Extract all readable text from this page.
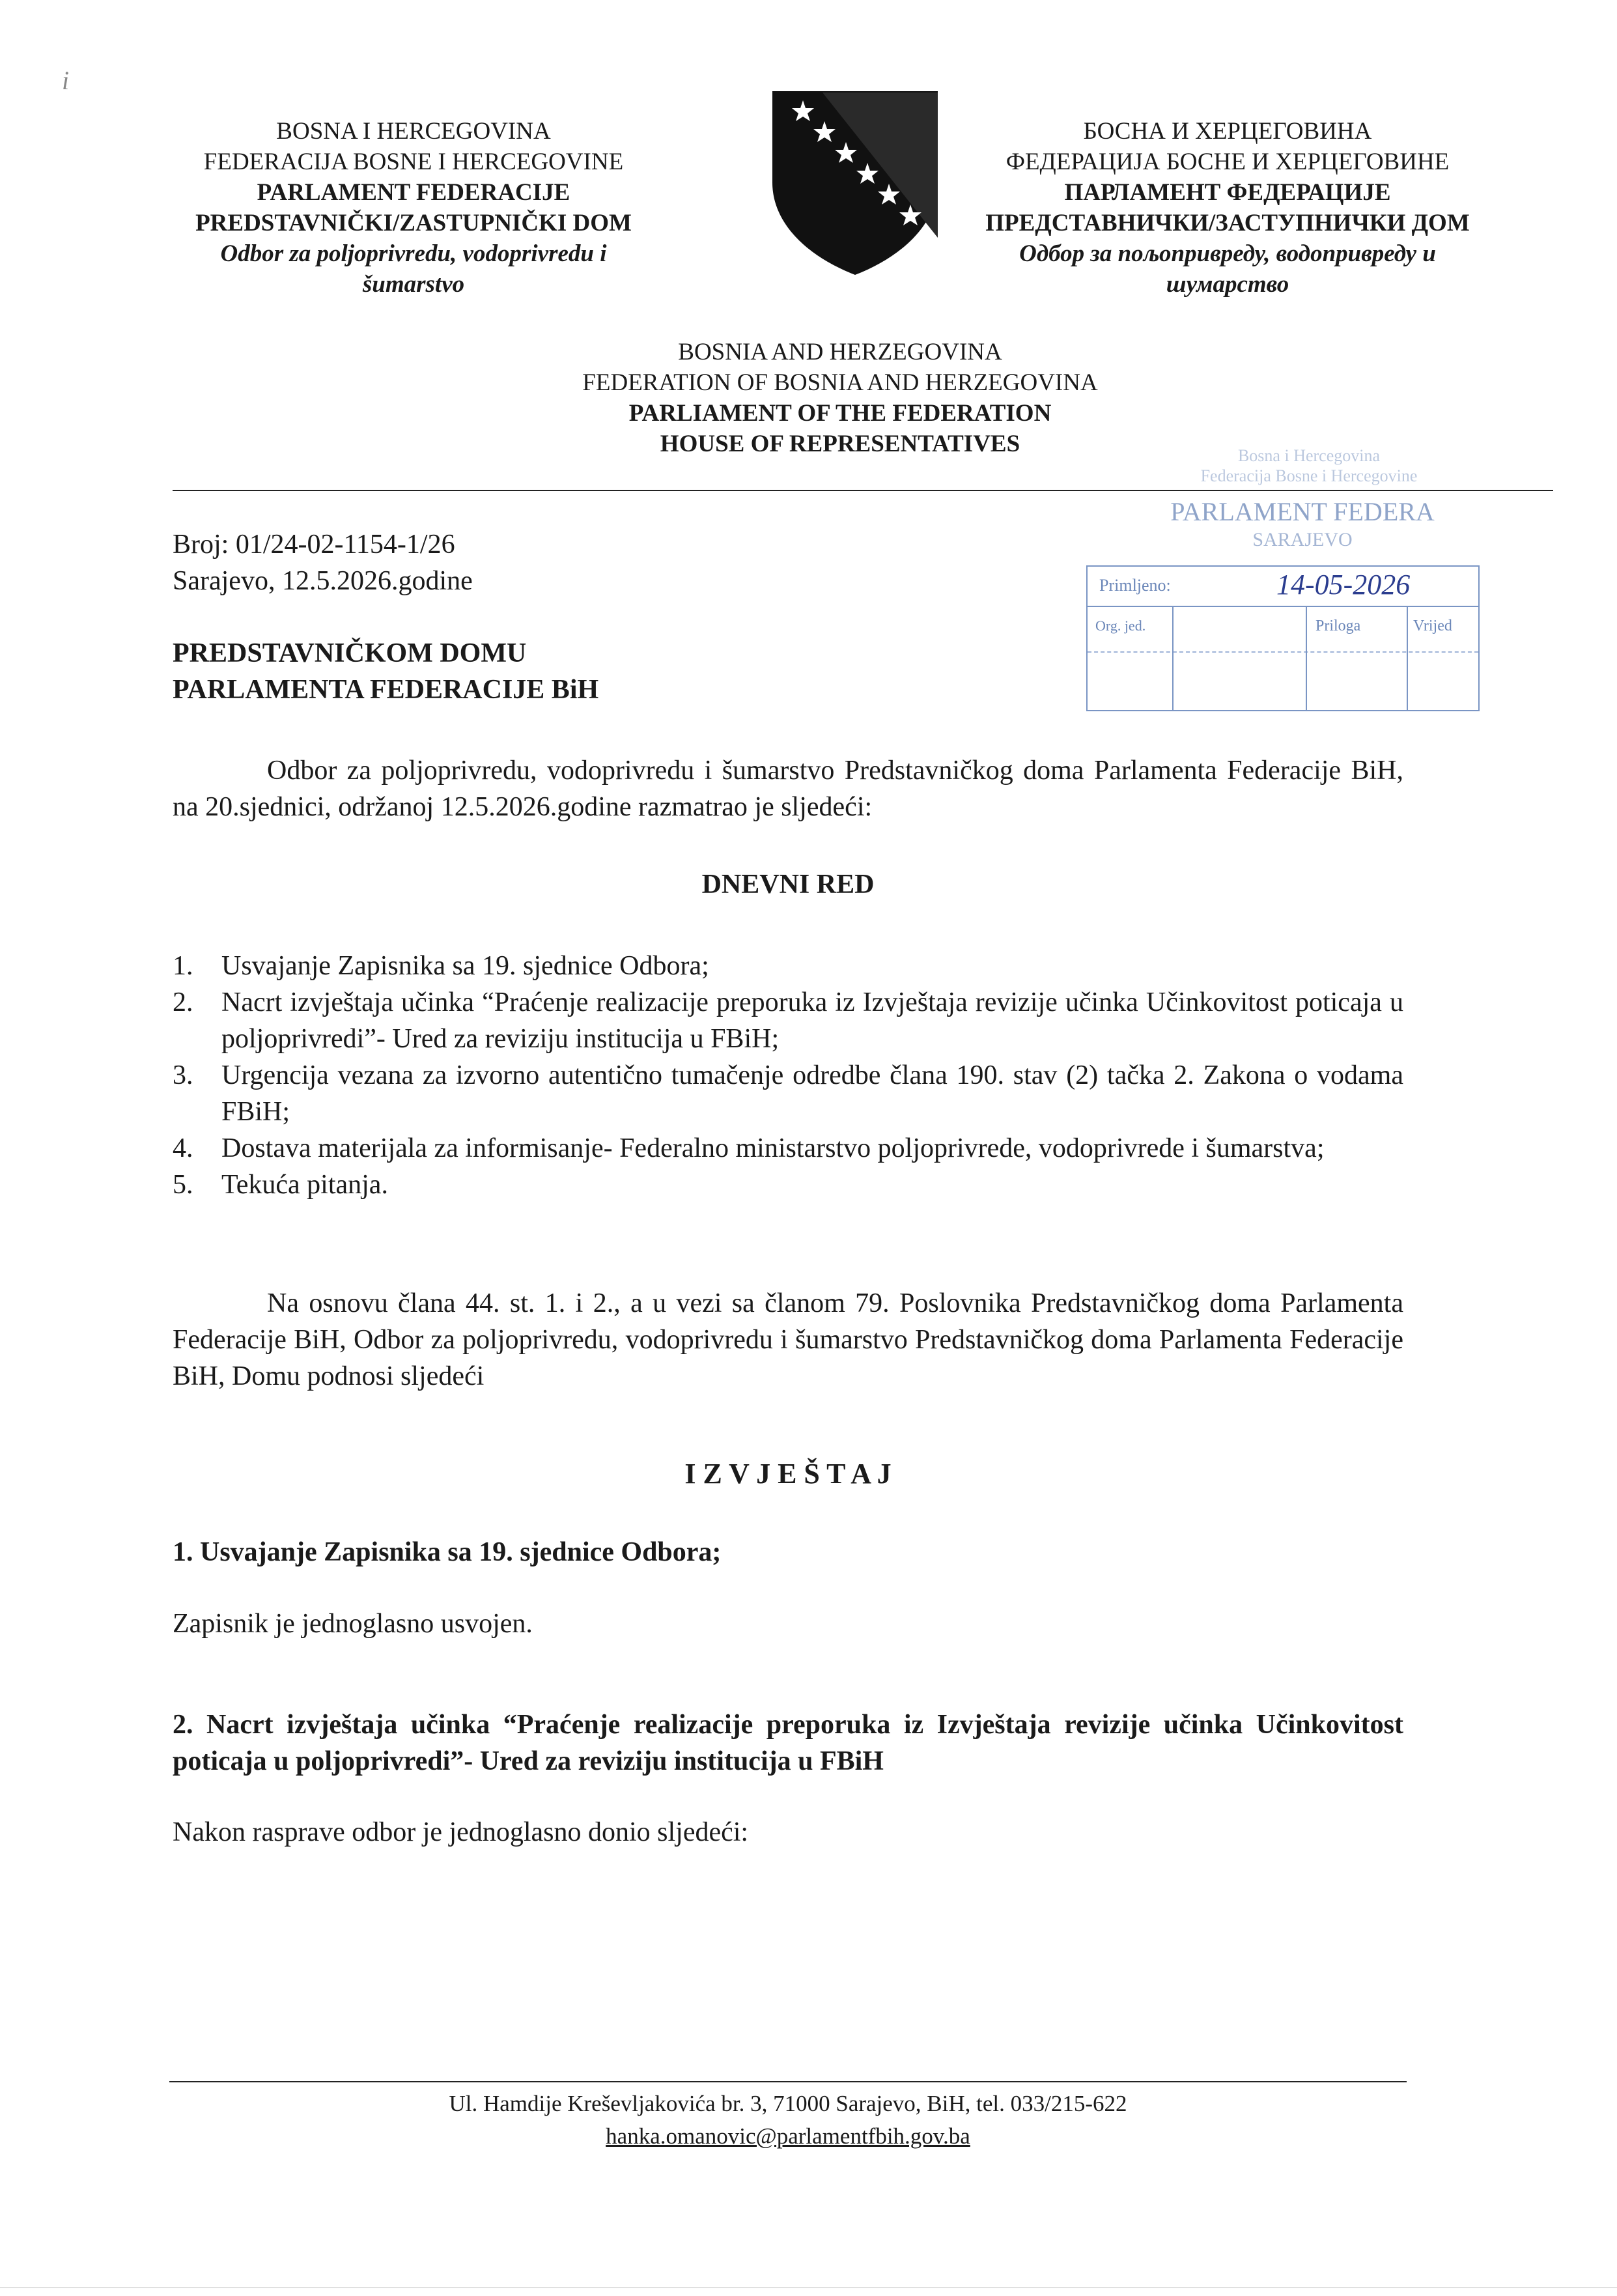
i
BOSNA I HERCEGOVINA
FEDERACIJA BOSNE I HERCEGOVINE
PARLAMENT FEDERACIJE
PREDSTAVNIČKI/ZASTUPNIČKI DOM
Odbor za poljoprivredu, vodoprivredu i
šumarstvo
БОСНА И ХЕРЦЕГОВИНА
ФЕДЕРАЦИЈА БОСНЕ И ХЕРЦЕГОВИНЕ
ПАРЛАМЕНТ ФЕДЕРАЦИЈЕ
ПРЕДСТАВНИЧКИ/ЗАСТУПНИЧКИ ДОМ
Одбор за пољопривреду, водопривреду и
шумарство
BOSNIA AND HERZEGOVINA
FEDERATION OF BOSNIA AND HERZEGOVINA
PARLIAMENT OF THE FEDERATION
HOUSE OF REPRESENTATIVES
Broj: 01/24-02-1154-1/26
Sarajevo, 12.5.2026.godine
PREDSTAVNIČKOM DOMU
PARLAMENTA FEDERACIJE BiH
Bosna i Hercegovina
Federacija Bosne i Hercegovine
PARLAMENT FEDERA
SARAJEVO
Primljeno:	14-05-2026
Org. jed.	Priloga	Vrijed
Odbor za poljoprivredu, vodoprivredu i šumarstvo Predstavničkog doma Parlamenta Federacije BiH, na 20.sjednici, održanoj 12.5.2026.godine razmatrao je sljedeći:
DNEVNI RED
1. Usvajanje Zapisnika sa 19. sjednice Odbora;
2. Nacrt izvještaja učinka “Praćenje realizacije preporuka iz Izvještaja revizije učinka Učinkovitost poticaja u poljoprivredi”- Ured za reviziju institucija u FBiH;
3. Urgencija vezana za izvorno autentično tumačenje odredbe člana 190. stav (2) tačka 2. Zakona o vodama FBiH;
4. Dostava materijala za informisanje- Federalno ministarstvo poljoprivrede, vodoprivrede i šumarstva;
5. Tekuća pitanja.
Na osnovu člana 44. st. 1. i 2., a u vezi sa članom 79. Poslovnika Predstavničkog doma Parlamenta Federacije BiH, Odbor za poljoprivredu, vodoprivredu i šumarstvo Predstavničkog doma Parlamenta Federacije BiH, Domu podnosi sljedeći
I Z V J E Š T A J
1. Usvajanje Zapisnika sa 19. sjednice Odbora;
Zapisnik je jednoglasno usvojen.
2. Nacrt izvještaja učinka “Praćenje realizacije preporuka iz Izvještaja revizije učinka Učinkovitost poticaja u poljoprivredi”- Ured za reviziju institucija u FBiH
Nakon rasprave odbor je jednoglasno donio sljedeći:
Ul. Hamdije Kreševljakovića br. 3, 71000 Sarajevo, BiH, tel. 033/215-622
hanka.omanovic@parlamentfbih.gov.ba
